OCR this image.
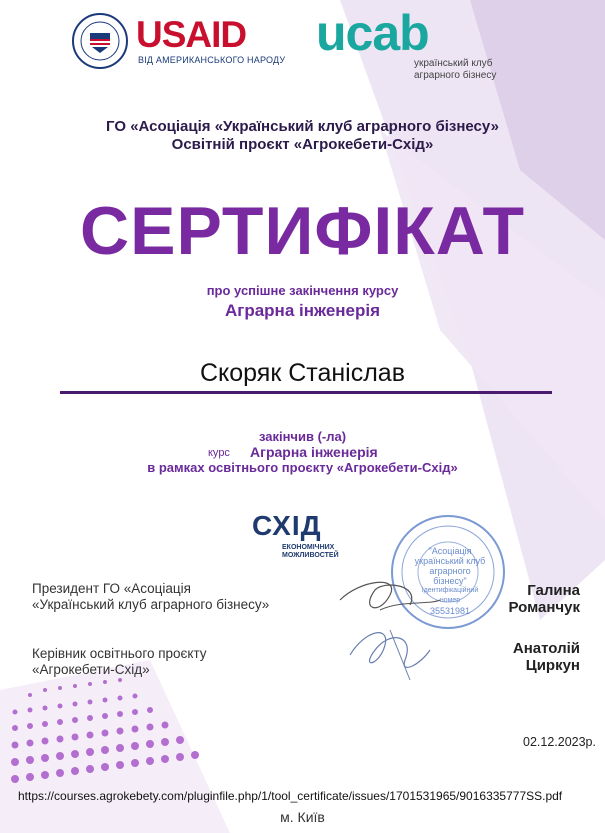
USAID
ВІД АМЕРИКАНСЬКОГО НАРОДУ ucab
український клуб
аграрного бізнесу
ГО «Асоціація «Український клуб аграрного бізнесу»
Освітній проєкт «Агрокебети-Схід»
СЕРТИФІКАТ
про успішне закінчення курсу
Аграрна інженерія
Скоряк Станіслав
закінчив (-ла)
курс Аграрна інженерія
в рамках освітнього проєкту «Агрокебети-Схід»
СХІД
ЕКОНОМІЧНИХ
МОЖЛИВОСТЕЙ	"Асоціація
український клуб
аграрного
бізнесу"
Ідентифікаційний
номер
35531981
Президент ГО «Асоціація
«Український клуб аграрного бізнесу»
Галина
Романчук
Керівник освітнього проєкту
«Агрокебети-Схід»
Анатолій
Циркун
02.12.2023р.
https://courses.agrokebety.com/pluginfile.php/1/tool_certificate/issues/1701531965/9016335777SS.pdf
м. Київ
